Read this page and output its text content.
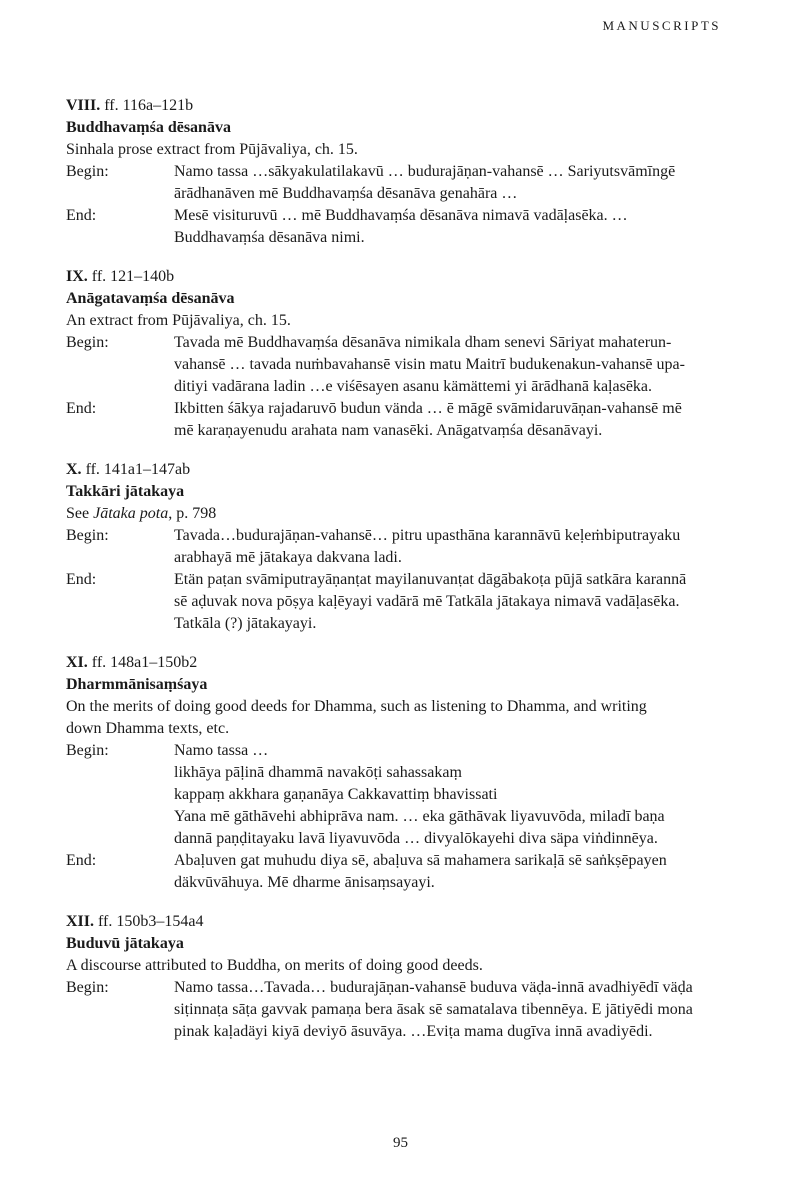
MANUSCRIPTS
VIII. ff. 116a–121b
Buddhavaṃśa dēsanāva
Sinhala prose extract from Pūjāvaliya, ch. 15.
Begin:	Namo tassa …sākyakulatilakavū … budurajāṇan-vahansē … Sariyutsvāmīngē
ārādhanāven mē Buddhavaṃśa dēsanāva genahāra …
End:	Mesē visituruvū … mē Buddhavaṃśa dēsanāva nimavā vadāḷasēka. …
Buddhavaṃśa dēsanāva nimi.
IX. ff. 121–140b
Anāgatavaṃśa dēsanāva
An extract from Pūjāvaliya, ch. 15.
Begin:	Tavada mē Buddhavaṃśa dēsanāva nimikala dham senevi Sāriyat mahaterun-
vahansē … tavada nuṁbavahansē visin matu Maitrī budukenakun-vahansē upa-
ditiyi vadārana ladin …e viśēsayen asanu kämättemi yi ārādhanā kaḷasēka.
End:	Ikbitten śākya rajadaruvō budun vända … ē māgē svāmidaruvāṇan-vahansē mē
mē karaṇayenudu arahata nam vanasēki. Anāgatvaṃśa dēsanāvayi.
X. ff. 141a1–147ab
Takkāri jātakaya
See Jātaka pota, p. 798
Begin:	Tavada…budurajāṇan-vahansē… pitru upasthāna karannāvū keḷeṁbiputrayaku
arabhayā mē jātakaya dakvana ladi.
End:	Etän paṭan svāmiputrayāṇanṭat mayilanuvanṭat dāgābakoṭa pūjā satkāra karannā
sē aḍuvak nova pōṣya kaḷēyayi vadārā mē Tatkāla jātakaya nimavā vadāḷasēka.
Tatkāla (?) jātakayayi.
XI. ff. 148a1–150b2
Dharmmānisaṃśaya
On the merits of doing good deeds for Dhamma, such as listening to Dhamma, and writing
down Dhamma texts, etc.
Begin:	Namo tassa …
likhāya pāḷinā dhammā navakōṭi sahassakaṃ
kappaṃ akkhara gaṇanāya Cakkavattiṃ bhavissati
Yana mē gāthāvehi abhiprāva nam. … eka gāthāvak liyavuvōda, miladī baṇa
dannā paṇḍitayaku lavā liyavuvōda … divyalōkayehi diva säpa viṅdinnēya.
End:	Abaḷuven gat muhudu diya sē, abaḷuva sā mahamera sarikaḷā sē saṅkṣēpayen
däkvūvāhuya. Mē dharme ānisaṃsayayi.
XII. ff. 150b3–154a4
Buduvū jātakaya
A discourse attributed to Buddha, on merits of doing good deeds.
Begin:	Namo tassa…Tavada… budurajāṇan-vahansē buduva väḍa-innā avadhiyēdī väḍa
siṭinnaṭa sāṭa gavvak pamaṇa bera āsak sē samatalava tibennēya. E jātiyēdi mona
pinak kaḷadäyi kiyā deviyō āsuvāya. …Eviṭa mama dugīva innā avadiyēdi.
95
